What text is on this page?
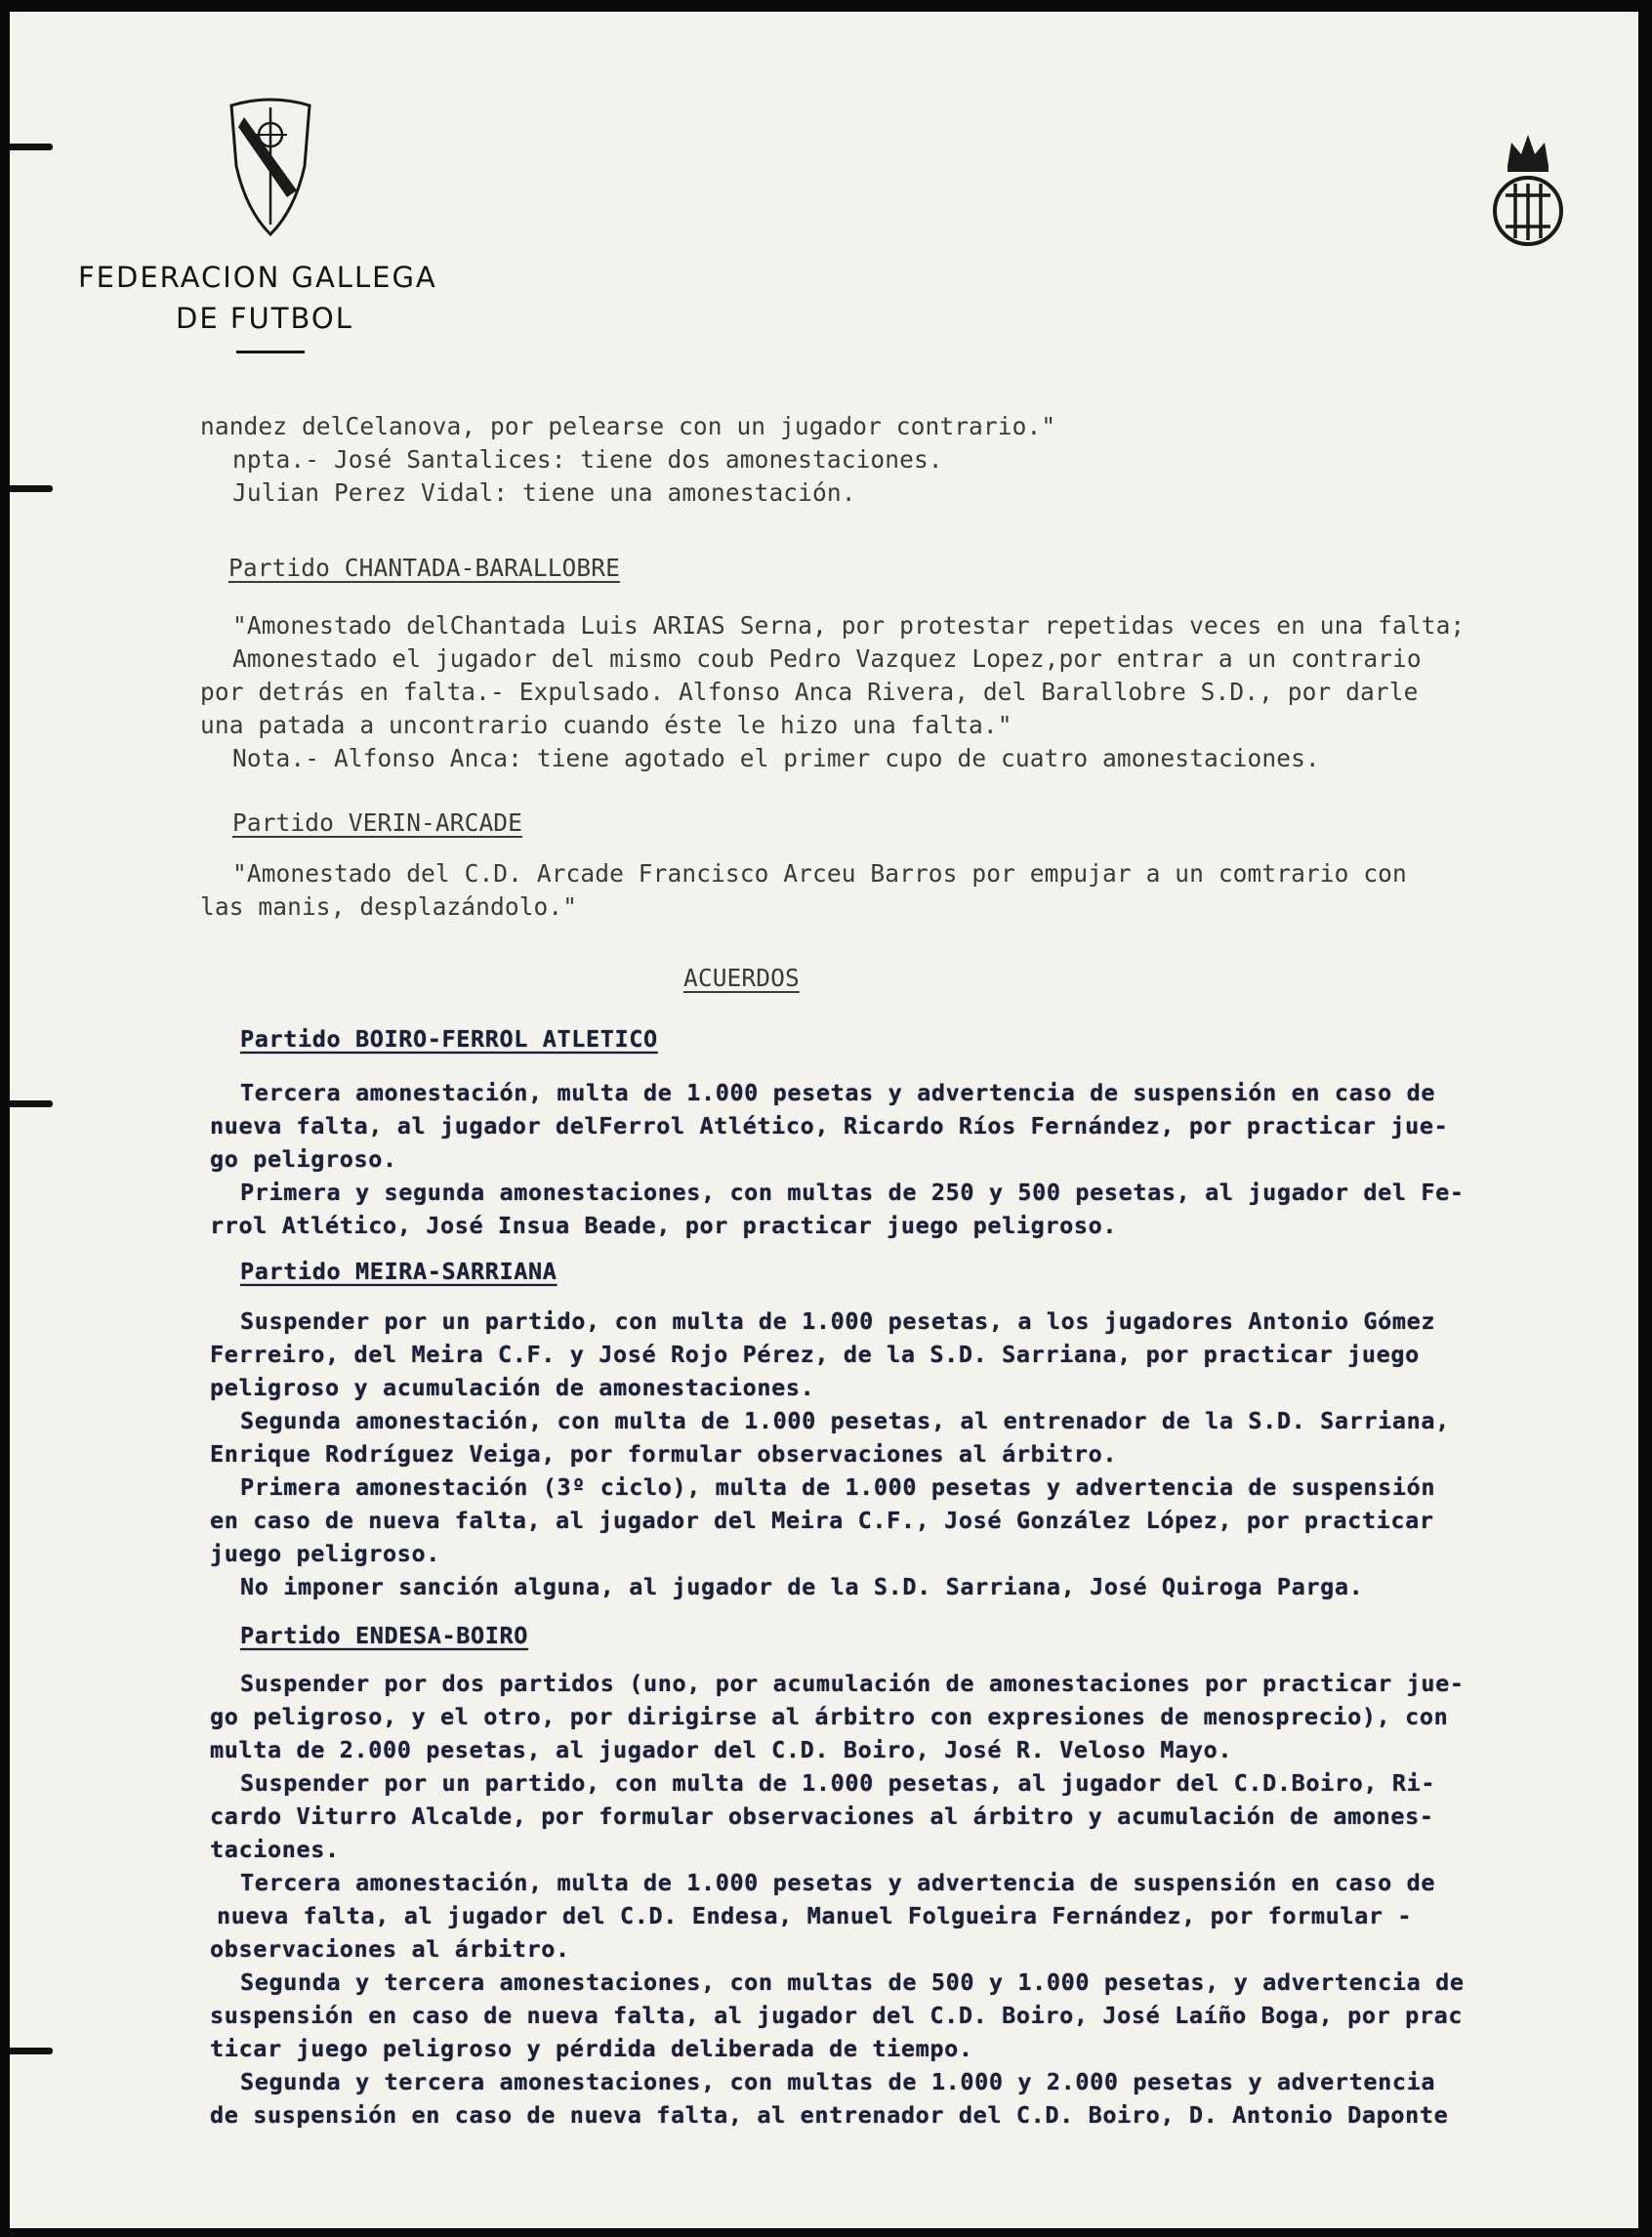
FEDERACION GALLEGA
DE FUTBOL
nandez delCelanova, por pelearse con un jugador contrario."
npta.- José Santalices: tiene dos amonestaciones.
Julian Perez Vidal: tiene una amonestación.
Partido CHANTADA-BARALLOBRE
"Amonestado delChantada Luis ARIAS Serna, por protestar repetidas veces en una falta;
Amonestado el jugador del mismo coub Pedro Vazquez Lopez,por entrar a un contrario
por detrás en falta.- Expulsado. Alfonso Anca Rivera, del Barallobre S.D., por darle
una patada a uncontrario cuando éste le hizo una falta."
Nota.- Alfonso Anca: tiene agotado el primer cupo de cuatro amonestaciones.
Partido VERIN-ARCADE
"Amonestado del C.D. Arcade Francisco Arceu Barros por empujar a un comtrario con
las manis, desplazándolo."
ACUERDOS
Partido BOIRO-FERROL ATLETICO
Tercera amonestación, multa de 1.000 pesetas y advertencia de suspensión en caso de
nueva falta, al jugador delFerrol Atlético, Ricardo Ríos Fernández, por practicar jue-
go peligroso.
Primera y segunda amonestaciones, con multas de 250 y 500 pesetas, al jugador del Fe-
rrol Atlético, José Insua Beade, por practicar juego peligroso.
Partido MEIRA-SARRIANA
Suspender por un partido, con multa de 1.000 pesetas, a los jugadores Antonio Gómez
Ferreiro, del Meira C.F. y José Rojo Pérez, de la S.D. Sarriana, por practicar juego
peligroso y acumulación de amonestaciones.
Segunda amonestación, con multa de 1.000 pesetas, al entrenador de la S.D. Sarriana,
Enrique Rodríguez Veiga, por formular observaciones al árbitro.
Primera amonestación (3º ciclo), multa de 1.000 pesetas y advertencia de suspensión
en caso de nueva falta, al jugador del Meira C.F., José González López, por practicar
juego peligroso.
No imponer sanción alguna, al jugador de la S.D. Sarriana, José Quiroga Parga.
Partido ENDESA-BOIRO
Suspender por dos partidos (uno, por acumulación de amonestaciones por practicar jue-
go peligroso, y el otro, por dirigirse al árbitro con expresiones de menosprecio), con
multa de 2.000 pesetas, al jugador del C.D. Boiro, José R. Veloso Mayo.
Suspender por un partido, con multa de 1.000 pesetas, al jugador del C.D.Boiro, Ri-
cardo Viturro Alcalde, por formular observaciones al árbitro y acumulación de amones-
taciones.
Tercera amonestación, multa de 1.000 pesetas y advertencia de suspensión en caso de
nueva falta, al jugador del C.D. Endesa, Manuel Folgueira Fernández, por formular -
observaciones al árbitro.
Segunda y tercera amonestaciones, con multas de 500 y 1.000 pesetas, y advertencia de
suspensión en caso de nueva falta, al jugador del C.D. Boiro, José Laíño Boga, por prac
ticar juego peligroso y pérdida deliberada de tiempo.
Segunda y tercera amonestaciones, con multas de 1.000 y 2.000 pesetas y advertencia
de suspensión en caso de nueva falta, al entrenador del C.D. Boiro, D. Antonio Daponte
